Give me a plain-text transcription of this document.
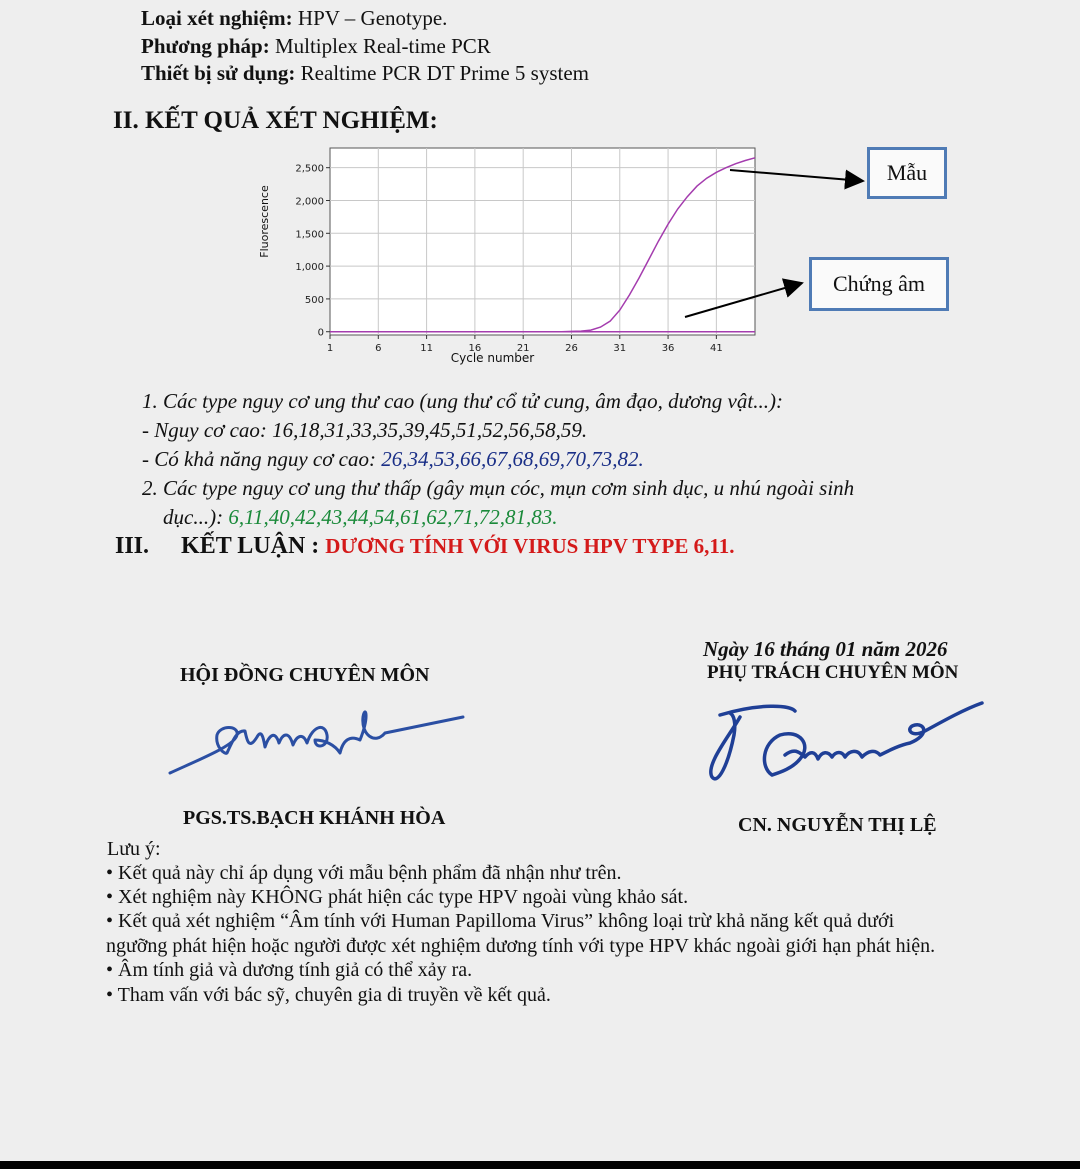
Loại xét nghiệm: HPV – Genotype.
Phương pháp: Multiplex Real-time PCR
Thiết bị sử dụng: Realtime PCR DT Prime 5 system
II. KẾT QUẢ XÉT NGHIỆM:
1	6	11	16	21	26	31	36	41
0
500
1,000
1,500
2,000
2,500
Cycle number
Fluorescence
Mẫu
Chứng âm
1. Các type nguy cơ ung thư cao (ung thư cổ tử cung, âm đạo, dương vật...):
- Nguy cơ cao: 16,18,31,33,35,39,45,51,52,56,58,59.
- Có khả năng nguy cơ cao: 26,34,53,66,67,68,69,70,73,82.
2. Các type nguy cơ ung thư thấp (gây mụn cóc, mụn cơm sinh dục, u nhú ngoài sinh
dục...): 6,11,40,42,43,44,54,61,62,71,72,81,83.
III. KẾT LUẬN : DƯƠNG TÍNH VỚI VIRUS HPV TYPE 6,11.
Ngày 16 tháng 01 năm 2026
HỘI ĐỒNG CHUYÊN MÔN	PHỤ TRÁCH CHUYÊN MÔN
PGS.TS.BẠCH KHÁNH HÒA	CN. NGUYỄN THỊ LỆ
Lưu ý:
• Kết quả này chỉ áp dụng với mẫu bệnh phẩm đã nhận như trên.
• Xét nghiệm này KHÔNG phát hiện các type HPV ngoài vùng khảo sát.
• Kết quả xét nghiệm “Âm tính với Human Papilloma Virus” không loại trừ khả năng kết quả dưới
ngưỡng phát hiện hoặc người được xét nghiệm dương tính với type HPV khác ngoài giới hạn phát hiện.
• Âm tính giả và dương tính giả có thể xảy ra.
• Tham vấn với bác sỹ, chuyên gia di truyền về kết quả.
